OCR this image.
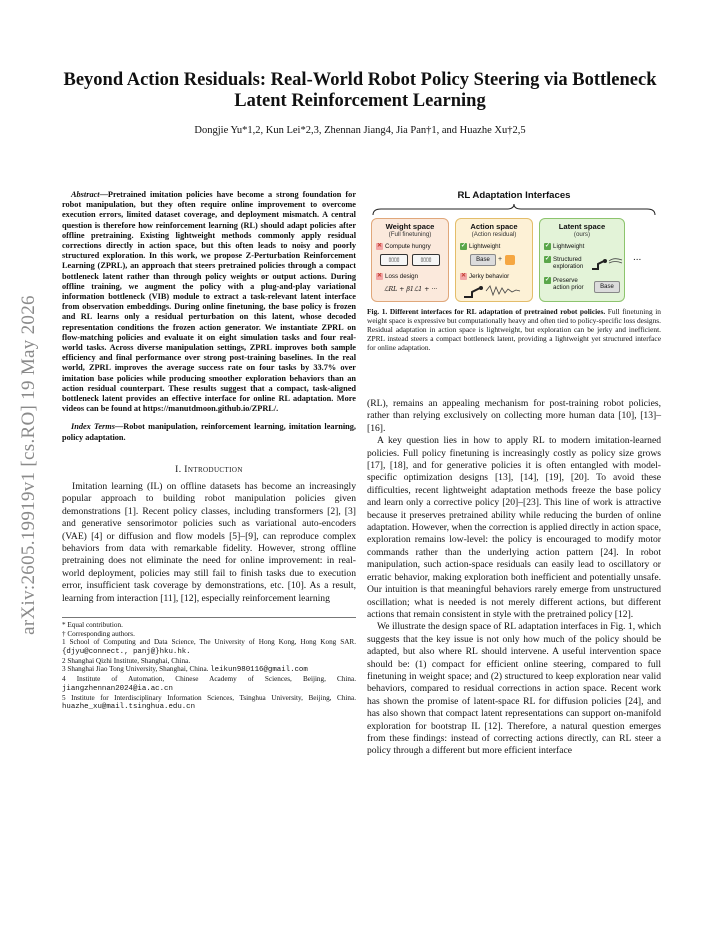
arXiv:2605.19919v1 [cs.RO] 19 May 2026
Beyond Action Residuals: Real-World Robot Policy Steering via Bottleneck Latent Reinforcement Learning
Dongjie Yu*1,2, Kun Lei*2,3, Zhennan Jiang4, Jia Pan†1, and Huazhe Xu†2,5

Abstract—Pretrained imitation policies have become a strong foundation for robot manipulation, but they often require online improvement to overcome execution errors, limited dataset coverage, and deployment mismatch. A central question is therefore how reinforcement learning (RL) should adapt policies after offline pretraining. Existing lightweight methods commonly apply residual corrections directly in action space, but this often leads to noisy and poorly structured exploration. In this work, we propose Z-Perturbation Reinforcement Learning (ZPRL), an approach that steers pretrained policies through a compact bottleneck latent rather than through policy weights or output actions. During offline training, we augment the policy with a plug-and-play variational information bottleneck (VIB) module to extract a task-relevant latent interface from observation embeddings. During online finetuning, the base policy is frozen and RL learns only a residual perturbation on this latent, whose decoded representation conditions the frozen action generator. We instantiate ZPRL on flow-matching policies and evaluate it on eight simulation tasks and four real-world tasks. Across diverse manipulation settings, ZPRL improves both sample efficiency and final performance over strong post-training baselines. In the real world, ZPRL improves the average success rate on four tasks by 33.7% over imitation base policies while producing smoother exploration behaviors than an action residual counterpart. These results suggest that a compact, task-aligned bottleneck latent provides an effective interface for online RL adaptation. More videos can be found at https://manutdmoon.github.io/ZPRL/.

Index Terms—Robot manipulation, reinforcement learning, imitation learning, policy adaptation.

I. Introduction

Imitation learning (IL) on offline datasets has become an increasingly popular approach to building robot manipulation policies given demonstrations [1]. Recent policy classes, including transformers [2], [3] and generative sensorimotor policies such as variational auto-encoders (VAE) [4] or diffusion and flow models [5]–[9], can reproduce complex behaviors from data with remarkable fidelity. However, strong offline pretraining does not eliminate the need for online improvement: in real-world deployment, policies may still fail to finish tasks due to execution error, insufficient task coverage by demonstrations, etc. [10]. As a result, learning from interaction [11], [12], especially reinforcement learning

* Equal contribution.

† Corresponding authors.

1 School of Computing and Data Science, The University of Hong Kong, Hong Kong SAR. {djyu@connect., panj@}hku.hk.

2 Shanghai Qizhi Institute, Shanghai, China.

3 Shanghai Jiao Tong University, Shanghai, China. leikun980116@gmail.com

4 Institute of Automation, Chinese Academy of Sciences, Beijing, China. jiangzhennan2024@ia.ac.cn

5 Institute for Interdisciplinary Information Sciences, Tsinghua University, Beijing, China. huazhe_xu@mail.tsinghua.edu.cn

RL Adaptation Interfaces
Weight space
(Full finetuning)
✕ Compute hungry
▯▯▯▯	▯▯▯▯
✕ Loss design
ℒRL + β1ℒ1 + ···
Action space
(Action residual)
✓ Lightweight
Base	+
✕ Jerky behavior
Latent space
(ours)
✓ Lightweight
✓ Structured exploration
✓ Preserve action prior	Base
...

Fig. 1. Different interfaces for RL adaptation of pretrained robot policies. Full finetuning in weight space is expressive but computationally heavy and often tied to policy-specific loss designs. Residual adaptation in action space is lightweight, but exploration can be jerky and inefficient. ZPRL instead steers a compact bottleneck latent, providing a lightweight yet structured interface for online adaptation.

(RL), remains an appealing mechanism for post-training robot policies, rather than relying exclusively on collecting more human data [10], [13]–[16].

A key question lies in how to apply RL to modern imitation-learned policies. Full policy finetuning is increasingly costly as policy size grows [17], [18], and for generative policies it is often entangled with model-specific optimization designs [13], [14], [19], [20]. To avoid these difficulties, recent lightweight adaptation methods freeze the base policy and learn only a corrective policy [20]–[23]. This line of work is attractive because it preserves pretrained ability while reducing the burden of online adaptation. However, when the correction is applied directly in action space, exploration remains low-level: the policy is encouraged to modify motor commands rather than the underlying action pattern [24]. In robot manipulation, such action-space residuals can easily lead to oscillatory or erratic behavior, making exploration both inefficient and potentially unsafe. Our intuition is that meaningful behaviors rarely emerge from unstructured oscillation; what is needed is not merely different actions, but different actions that remain consistent in style with the pretrained policy [12].

We illustrate the design space of RL adaptation interfaces in Fig. 1, which suggests that the key issue is not only how much of the policy should be adapted, but also where RL should intervene. A useful intervention space should be: (1) compact for efficient online steering, compared to full finetuning in weight space; and (2) structured to keep exploration near valid behaviors, compared to residual corrections in action space. Recent work has shown the promise of latent-space RL for diffusion policies [24], and has also shown that compact latent representations can support on-manifold exploration for bootstrap IL [12]. Therefore, a natural question emerges from these findings: instead of correcting actions directly, can RL steer a policy through a different but more efficient interface
